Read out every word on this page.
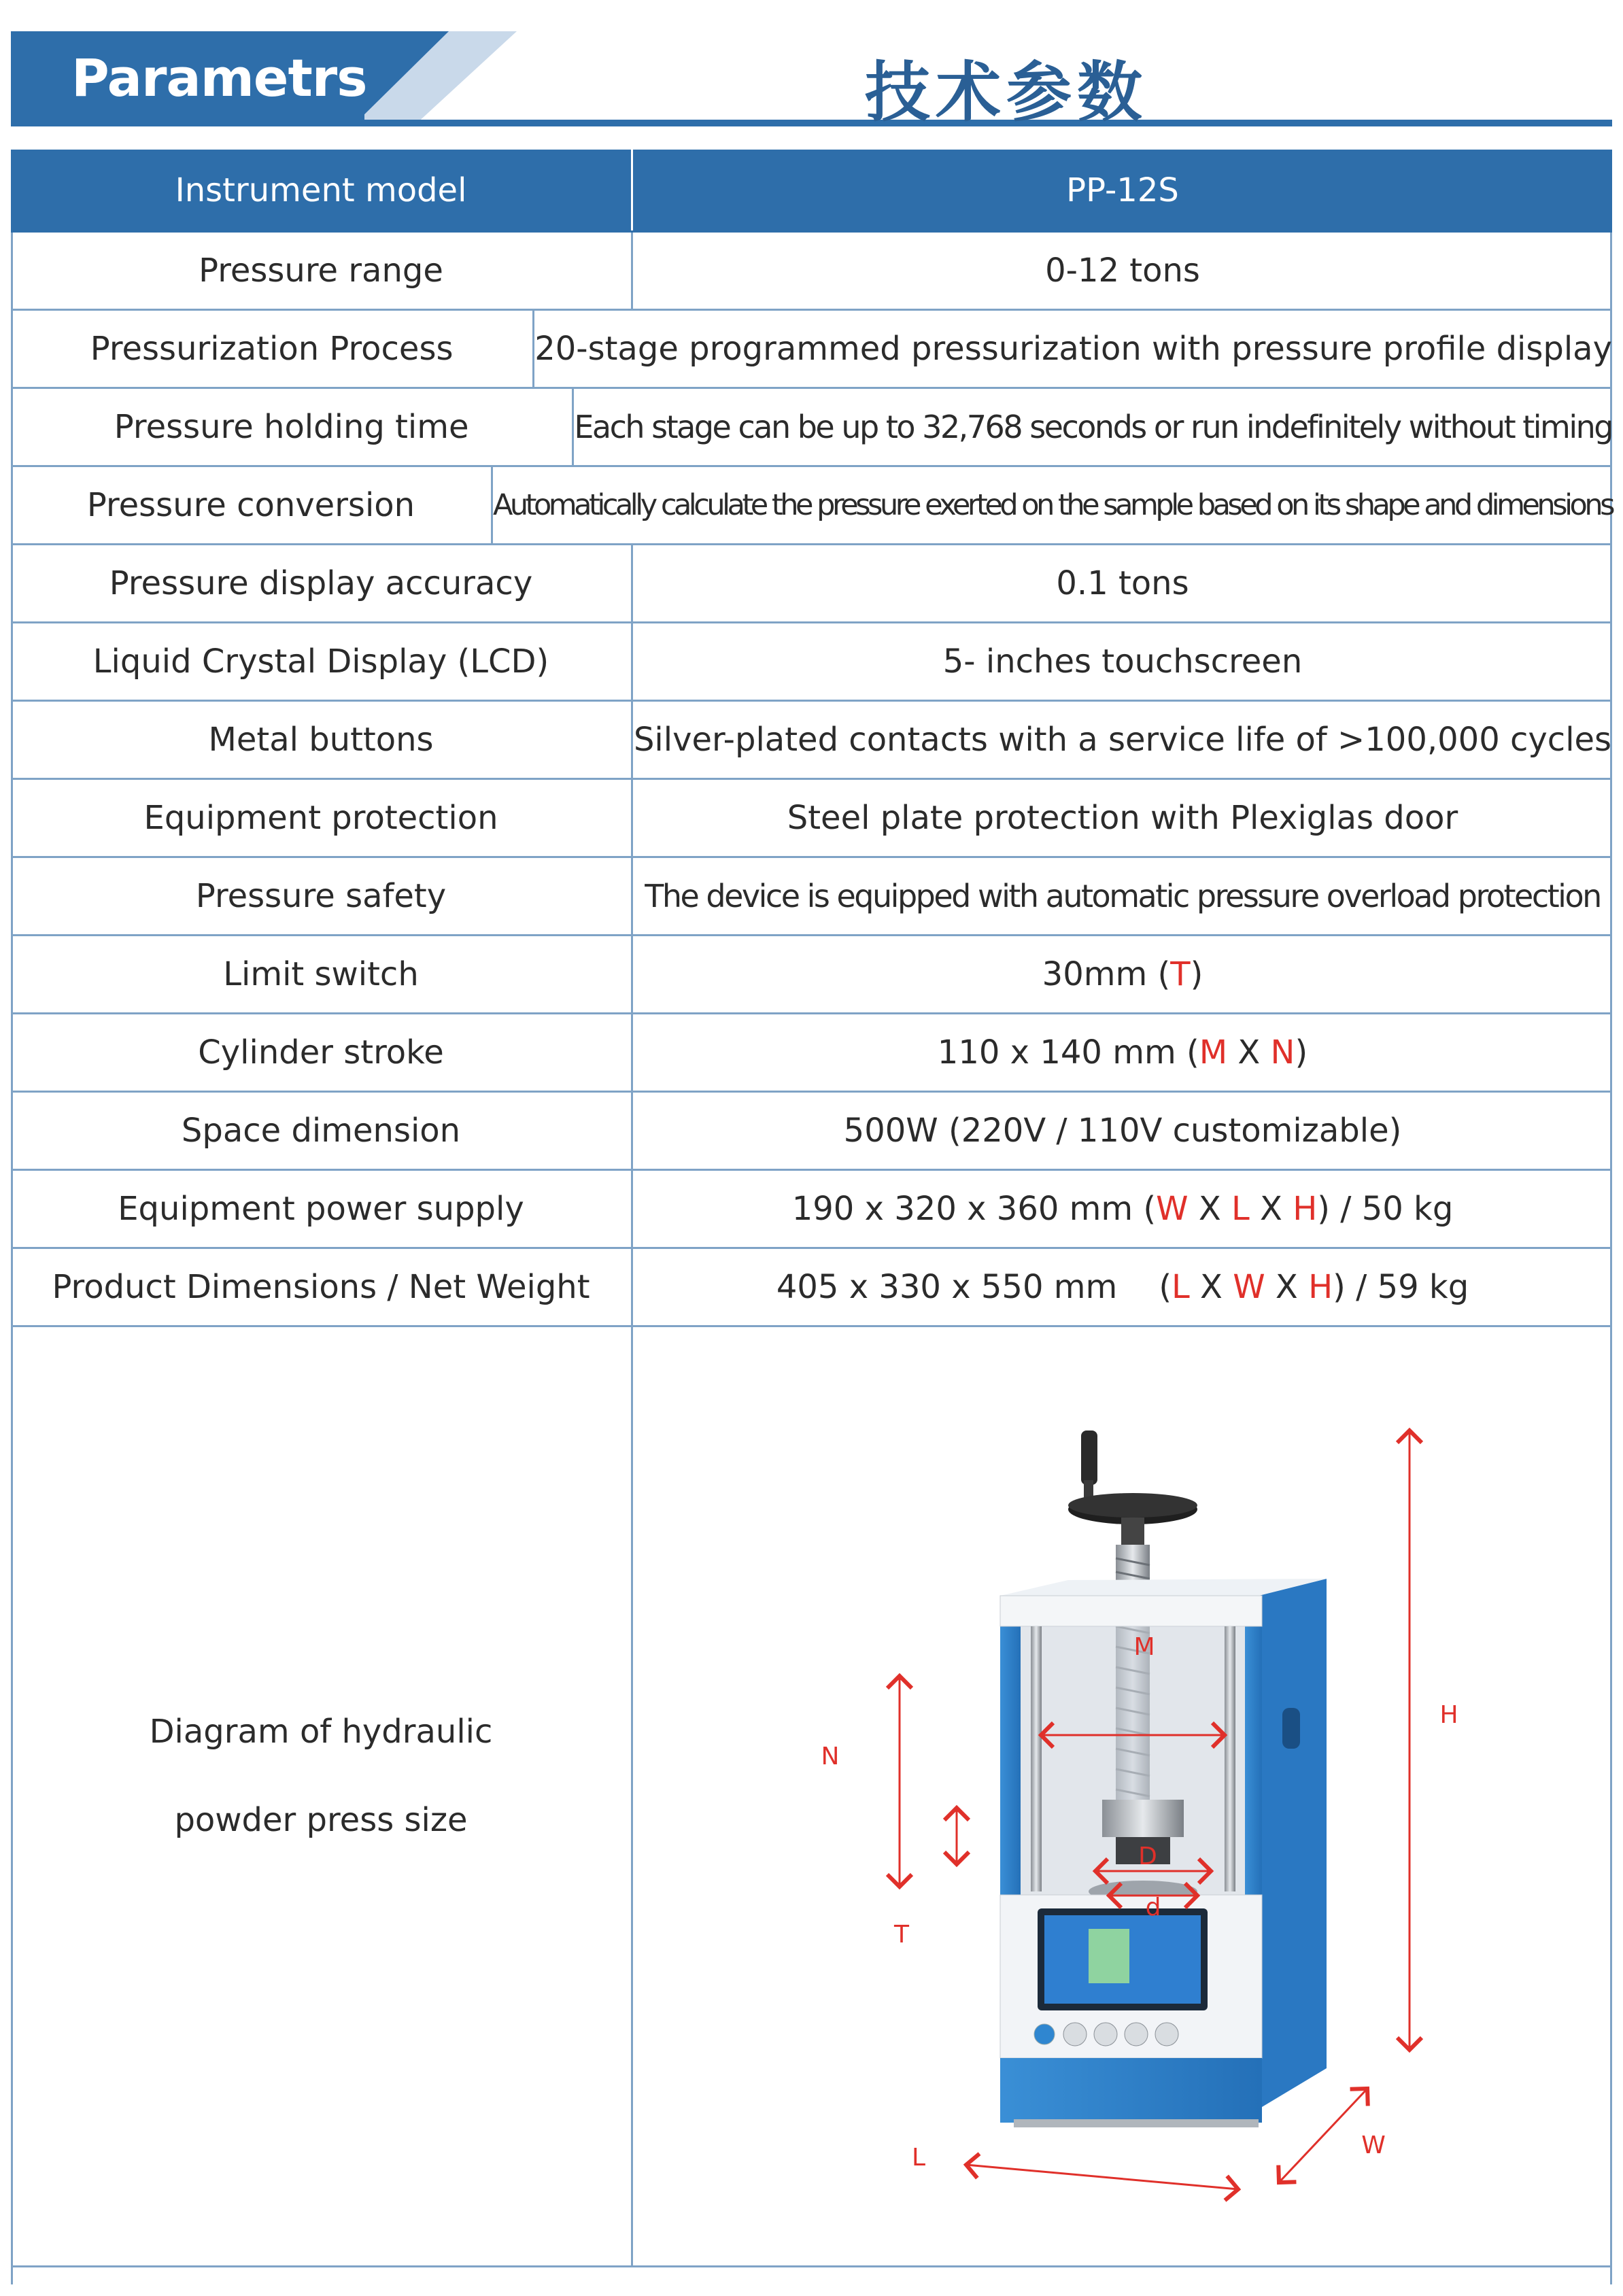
Parametrs	技术参数
Instrument model	PP-12S
Pressure range	0-12 tons
Pressurization Process	20-stage programmed pressurization with pressure profile display
Pressure holding time	Each stage can be up to 32,768 seconds or run indefinitely without timing
Pressure conversion	Automatically calculate the pressure exerted on the sample based on its shape and dimensions
Pressure display accuracy	0.1 tons
Liquid Crystal Display (LCD)	5- inches touchscreen
Metal buttons	Silver-plated contacts with a service life of >100,000 cycles
Equipment protection	Steel plate protection with Plexiglas door
Pressure safety	The device is equipped with automatic pressure overload protection
Limit switch	30mm ( T )
Cylinder stroke	110 x 140 mm ( M X N )
Space dimension	500W (220V / 110V customizable)
Equipment power supply	190 x 320 x 360 mm ( W X L X H ) / 50 kg
Product Dimensions / Net Weight	405 x 330 x 550 mm    ( L X W X H ) / 59 kg
Diagram of hydraulic
powder press size
M
H
N
D
d
T
L	W
